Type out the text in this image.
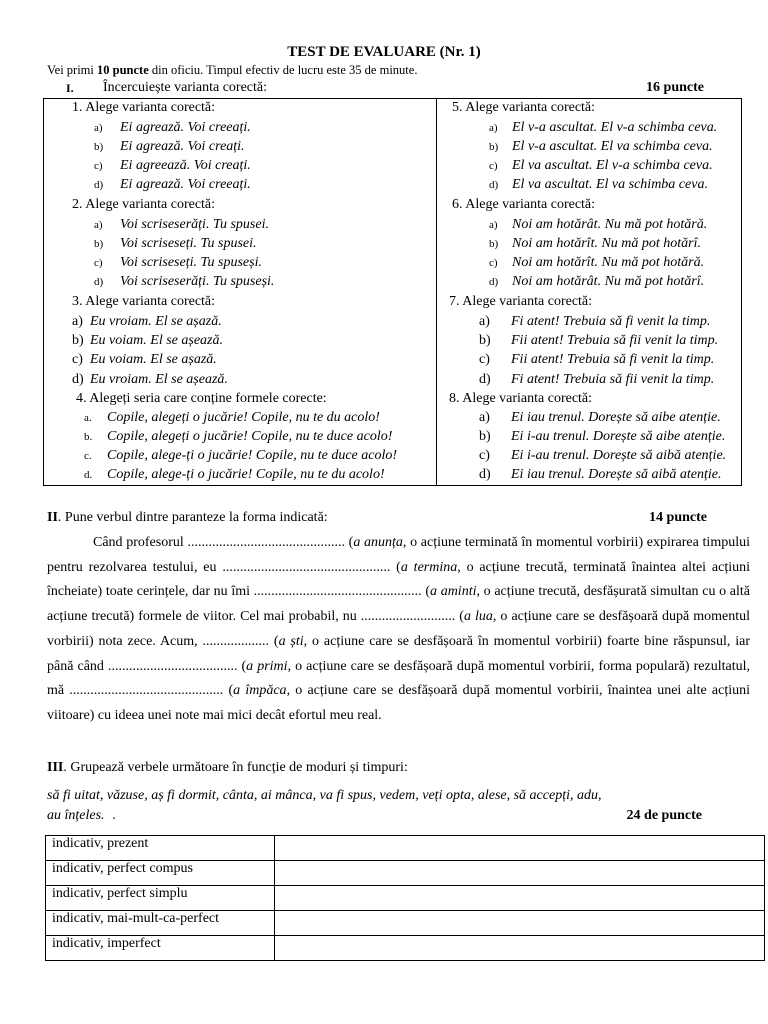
TEST DE EVALUARE (Nr. 1)
Vei primi 10 puncte din oficiu. Timpul efectiv de lucru este 35 de minute.
I. Încercuiește varianta corectă:	16 puncte
1. Alege varianta corectă:
a) Ei agrează. Voi creeați.
b) Ei agrează. Voi creați.
c) Ei agreează. Voi creați.
d) Ei agrează. Voi creeați.
2. Alege varianta corectă:
a) Voi scriseserăți. Tu spusei.
b) Voi scriseseți. Tu spusei.
c) Voi scriseseți. Tu spuseși.
d) Voi scriseserăți. Tu spuseși.
3. Alege varianta corectă:
a) Eu vroiam. El se așază.
b) Eu voiam. El se așează.
c) Eu voiam. El se așază.
d) Eu vroiam. El se așează.
4. Alegeți seria care conține formele corecte:
a. Copile, alegeți o jucărie! Copile, nu te du acolo!
b. Copile, alegeți o jucărie! Copile, nu te duce acolo!
c. Copile, alege-ți o jucărie! Copile, nu te duce acolo!
d. Copile, alege-ți o jucărie! Copile, nu te du acolo!
5. Alege varianta corectă:
a) El v-a ascultat. El v-a schimba ceva.
b) El v-a ascultat. El va schimba ceva.
c) El va ascultat. El v-a schimba ceva.
d) El va ascultat. El va schimba ceva.
6. Alege varianta corectă:
a) Noi am hotărât. Nu mă pot hotără.
b) Noi am hotărît. Nu mă pot hotărî.
c) Noi am hotărît. Nu mă pot hotără.
d) Noi am hotărât. Nu mă pot hotărî.
7. Alege varianta corectă:
a) Fi atent! Trebuia să fi venit la timp.
b) Fii atent! Trebuia să fii venit la timp.
c) Fii atent! Trebuia să fi venit la timp.
d) Fi atent! Trebuia să fii venit la timp.
8. Alege varianta corectă:
a) Ei iau trenul. Dorește să aibe atenție.
b) Ei i-au trenul. Dorește să aibe atenție.
c) Ei i-au trenul. Dorește să aibă atenție.
d) Ei iau trenul. Dorește să aibă atenție.
II. Pune verbul dintre paranteze la forma indicată:	14 puncte
Când profesorul ............................................. (a anunța, o acțiune terminată în momentul vorbirii) expirarea timpului pentru rezolvarea testului, eu ................................................ (a termina, o acțiune trecută, terminată înaintea altei acțiuni încheiate) toate cerințele, dar nu îmi ................................................ (a aminti, o acțiune trecută, desfășurată simultan cu o altă acțiune trecută) formele de viitor. Cel mai probabil, nu ........................... (a lua, o acțiune care se desfășoară după momentul vorbirii) nota zece. Acum, ................... (a ști, o acțiune care se desfășoară în momentul vorbirii) foarte bine răspunsul, iar până când ..................................... (a primi, o acțiune care se desfășoară după momentul vorbirii, forma populară) rezultatul, mă ............................................ (a împăca, o acțiune care se desfășoară după momentul vorbirii, înaintea unei alte acțiuni viitoare) cu ideea unei note mai mici decât efortul meu real.
III. Grupează verbele următoare în funcție de moduri și timpuri:
să fi uitat, văzuse, aș fi dormit, cânta, ai mânca, va fi spus, vedem, veți opta, alese, să accepți, adu,
au înțeles. .	24 de puncte
indicativ, prezent	
indicativ, perfect compus	
indicativ, perfect simplu	
indicativ, mai-mult-ca-perfect	
indicativ, imperfect	
